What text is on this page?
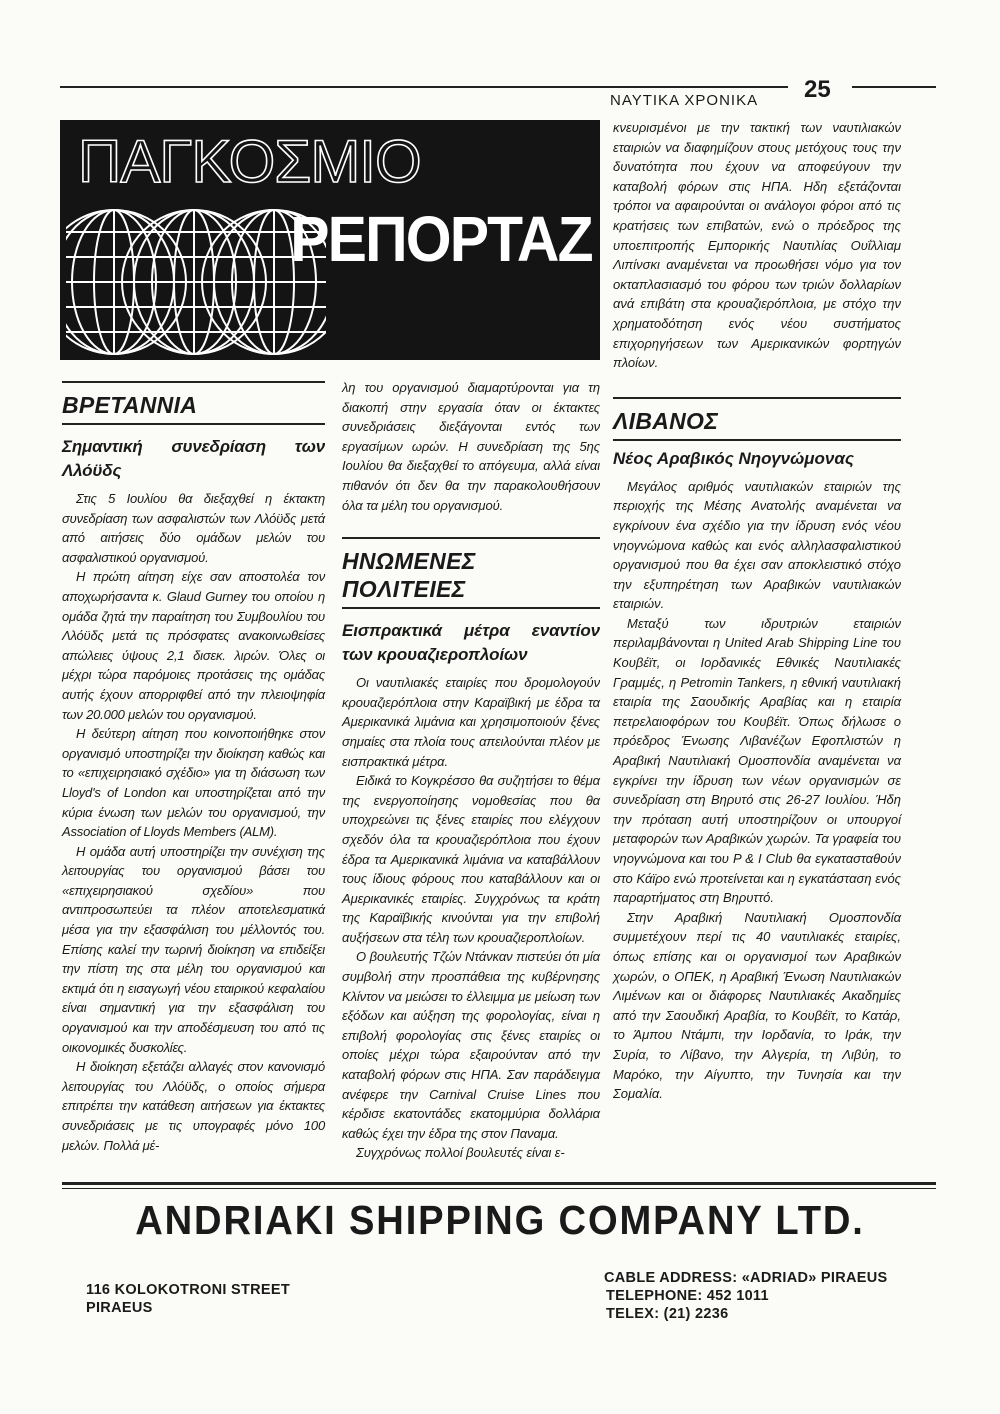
ΝΑΥΤΙΚΑ ΧΡΟΝΙΚΑ 25
ΠΑΓΚΟΣΜΙΟ
ΡΕΠΟΡΤΑΖ
ΒΡΕΤΑΝΝΙΑ
Σημαντική συνεδρίαση των Λλόϋδς

Στις 5 Ιουλίου θα διεξαχθεί η έκτακτη συνεδρίαση των ασφαλιστών των Λλόϋδς μετά από αιτήσεις δύο ομάδων μελών του ασφαλιστικού οργανισμού.

Η πρώτη αίτηση είχε σαν αποστολέα τον αποχωρήσαντα κ. Glaud Gurney του οποίου η ομάδα ζητά την παραίτηση του Συμβουλίου του Λλόϋδς μετά τις πρόσφατες ανακοινωθείσες απώλειες ύψους 2,1 δισεκ. λιρών. Όλες οι μέχρι τώρα παρόμοιες προτάσεις της ομάδας αυτής έχουν απορριφθεί από την πλειοψηφία των 20.000 μελών του οργανισμού.

Η δεύτερη αίτηση που κοινοποιήθηκε στον οργανισμό υποστηρίζει την διοίκηση καθώς και το «επιχειρησιακό σχέδιο» για τη διάσωση των Lloyd's of London και υποστηρίζεται από την κύρια ένωση των μελών του οργανισμού, την Association of Lloyds Members (ALM).

Η ομάδα αυτή υποστηρίζει την συνέχιση της λειτουργίας του οργανισμού βάσει του «επιχειρησιακού σχεδίου» που αντιπροσωπεύει τα πλέον αποτελεσματικά μέσα για την εξασφάλιση του μέλλοντός του. Επίσης καλεί την τωρινή διοίκηση να επιδείξει την πίστη της στα μέλη του οργανισμού και εκτιμά ότι η εισαγωγή νέου εταιρικού κεφαλαίου είναι σημαντική για την εξασφάλιση του οργανισμού και την αποδέσμευση του από τις οικονομικές δυσκολίες.

Η διοίκηση εξετάζει αλλαγές στον κανονισμό λειτουργίας του Λλόϋδς, ο οποίος σήμερα επιτρέπει την κατάθεση αιτήσεων για έκτακτες συνεδριάσεις με τις υπογραφές μόνο 100 μελών. Πολλά μέ-

λη του οργανισμού διαμαρτύρονται για τη διακοπή στην εργασία όταν οι έκτακτες συνεδριάσεις διεξάγονται εντός των εργασίμων ωρών. Η συνεδρίαση της 5ης Ιουλίου θα διεξαχθεί το απόγευμα, αλλά είναι πιθανόν ότι δεν θα την παρακολουθήσουν όλα τα μέλη του οργανισμού.

ΗΝΩΜΕΝΕΣ ΠΟΛΙΤΕΙΕΣ
Εισπρακτικά μέτρα εναντίον των κρουαζιεροπλοίων

Οι ναυτιλιακές εταιρίες που δρομολογούν κρουαζιερόπλοια στην Καραϊβική με έδρα τα Αμερικανικά λιμάνια και χρησιμοποιούν ξένες σημαίες στα πλοία τους απειλούνται πλέον με εισπρακτικά μέτρα.

Ειδικά το Κογκρέσσο θα συζητήσει το θέμα της ενεργοποίησης νομοθεσίας που θα υποχρεώνει τις ξένες εταιρίες που ελέγχουν σχεδόν όλα τα κρουαζιερόπλοια που έχουν έδρα τα Αμερικανικά λιμάνια να καταβάλλουν τους ίδιους φόρους που καταβάλλουν και οι Αμερικανικές εταιρίες. Συγχρόνως τα κράτη της Καραϊβικής κινούνται για την επιβολή αυξήσεων στα τέλη των κρουαζιεροπλοίων.

Ο βουλευτής Τζών Ντάνκαν πιστεύει ότι μία συμβολή στην προσπάθεια της κυβέρνησης Κλίντον να μειώσει το έλλειμμα με μείωση των εξόδων και αύξηση της φορολογίας, είναι η επιβολή φορολογίας στις ξένες εταιρίες οι οποίες μέχρι τώρα εξαιρούνταν από την καταβολή φόρων στις ΗΠΑ. Σαν παράδειγμα ανέφερε την Carnival Cruise Lines που κέρδισε εκατοντάδες εκατομμύρια δολλάρια καθώς έχει την έδρα της στον Παναμα.

Συγχρόνως πολλοί βουλευτές είναι ε-

κνευρισμένοι με την τακτική των ναυτιλιακών εταιριών να διαφημίζουν στους μετόχους τους την δυνατότητα που έχουν να αποφεύγουν την καταβολή φόρων στις ΗΠΑ. Ηδη εξετάζονται τρόποι να αφαιρούνται οι ανάλογοι φόροι από τις κρατήσεις των επιβατών, ενώ ο πρόεδρος της υποεπιτροπής Εμπορικής Ναυτιλίας Ουΐλλιαμ Λιπίνσκι αναμένεται να προωθήσει νόμο για τον οκταπλασιασμό του φόρου των τριών δολλαρίων ανά επιβάτη στα κρουαζιερόπλοια, με στόχο την χρηματοδότηση ενός νέου συστήματος επιχορηγήσεων των Αμερικανικών φορτηγών πλοίων.

ΛΙΒΑΝΟΣ
Νέος Αραβικός Νηογνώμονας

Μεγάλος αριθμός ναυτιλιακών εταιριών της περιοχής της Μέσης Ανατολής αναμένεται να εγκρίνουν ένα σχέδιο για την ίδρυση ενός νέου νηογνώμονα καθώς και ενός αλληλασφαλιστικού οργανισμού που θα έχει σαν αποκλειστικό στόχο την εξυπηρέτηση των Αραβικών ναυτιλιακών εταιριών.

Μεταξύ των ιδρυτριών εταιριών περιλαμβάνονται η United Arab Shipping Line του Κουβέϊτ, οι Ιορδανικές Εθνικές Ναυτιλιακές Γραμμές, η Petromin Tankers, η εθνική ναυτιλιακή εταιρία της Σαουδικής Αραβίας και η εταιρία πετρελαιοφόρων του Κουβέϊτ. Όπως δήλωσε ο πρόεδρος Ένωσης Λιβανέζων Εφοπλιστών η Αραβική Ναυτιλιακή Ομοσπονδία αναμένεται να εγκρίνει την ίδρυση των νέων οργανισμών σε συνεδρίαση στη Βηρυτό στις 26-27 Ιουλίου. Ήδη την πρόταση αυτή υποστηρίζουν οι υπουργοί μεταφορών των Αραβικών χωρών. Τα γραφεία του νηογνώμονα και του P & I Club θα εγκατασταθούν στο Κάϊρο ενώ προτείνεται και η εγκατάσταση ενός παραρτήματος στη Βηρυττό.

Στην Αραβική Ναυτιλιακή Ομοσπονδία συμμετέχουν περί τις 40 ναυτιλιακές εταιρίες, όπως επίσης και οι οργανισμοί των Αραβικών χωρών, ο ΟΠΕΚ, η Αραβική Ένωση Ναυτιλιακών Λιμένων και οι διάφορες Ναυτιλιακές Ακαδημίες από την Σαουδική Αραβία, το Κουβέϊτ, το Κατάρ, το Άμπου Ντάμπι, την Ιορδανία, το Ιράκ, την Συρία, το Λίβανο, την Αλγερία, τη Λιβύη, το Μαρόκο, την Αίγυπτο, την Τυνησία και την Σομαλία.

ANDRIAKI SHIPPING COMPANY LTD.
116 KOLOKOTRONI STREET
PIRAEUS
CABLE ADDRESS: «ADRIAD» PIRAEUS
TELEPHONE: 452 1011
TELEX: (21) 2236
